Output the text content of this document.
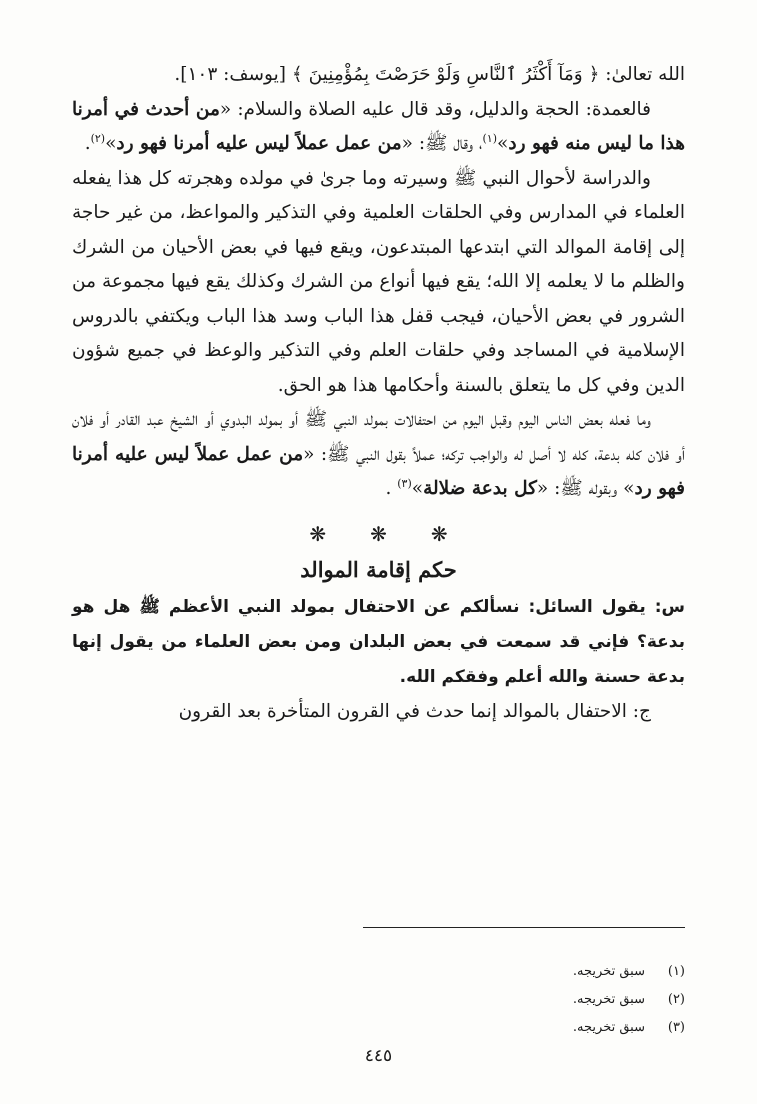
الله تعالىٰ: ﴿ وَمَآ أَكْثَرُ ٱلنَّاسِ وَلَوْ حَرَصْتَ بِمُؤْمِنِينَ ﴾ [يوسف: ١٠٣].

فالعمدة: الحجة والدليل، وقد قال عليه الصلاة والسلام: «من أحدث في أمرنا هذا ما ليس منه فهو رد»$^{(١)}$، وقال ﷺ: «من عمل عملاً ليس عليه أمرنا فهو رد»$^{(٢)}$.

والدراسة لأحوال النبي ﷺ وسيرته وما جرىٰ في مولده وهجرته كل هذا يفعله العلماء في المدارس وفي الحلقات العلمية وفي التذكير والمواعظ، من غير حاجة إلى إقامة الموالد التي ابتدعها المبتدعون، ويقع فيها في بعض الأحيان من الشرك والظلم ما لا يعلمه إلا الله؛ يقع فيها أنواع من الشرك وكذلك يقع فيها مجموعة من الشرور في بعض الأحيان، فيجب قفل هذا الباب وسد هذا الباب ويكتفي بالدروس الإسلامية في المساجد وفي حلقات العلم وفي التذكير والوعظ في جميع شؤون الدين وفي كل ما يتعلق بالسنة وأحكامها هذا هو الحق.

وما فعله بعض الناس اليوم وقبل اليوم من احتفالات بمولد النبي ﷺ أو بمولد البدوي أو الشيخ عبد القادر أو فلان أو فلان كله بدعة، كله لا أصل له والواجب تركه؛ عملاً بقول النبي ﷺ: «من عمل عملاً ليس عليه أمرنا فهو رد» وبقوله ﷺ: «كل بدعة ضلالة»$^{(٣)}$ .

❋❋❋
حكم إقامة الموالد

س: يقول السائل: نسألكم عن الاحتفال بمولد النبي الأعظم ﷺ هل هو بدعة؟ فإني قد سمعت في بعض البلدان ومن بعض العلماء من يقول إنها بدعة حسنة والله أعلم وفقكم الله.

ج: الاحتفال بالموالد إنما حدث في القرون المتأخرة بعد القرون

(١)سبق تخريجه.
(٢)سبق تخريجه.
(٣)سبق تخريجه.
٤٤٥
